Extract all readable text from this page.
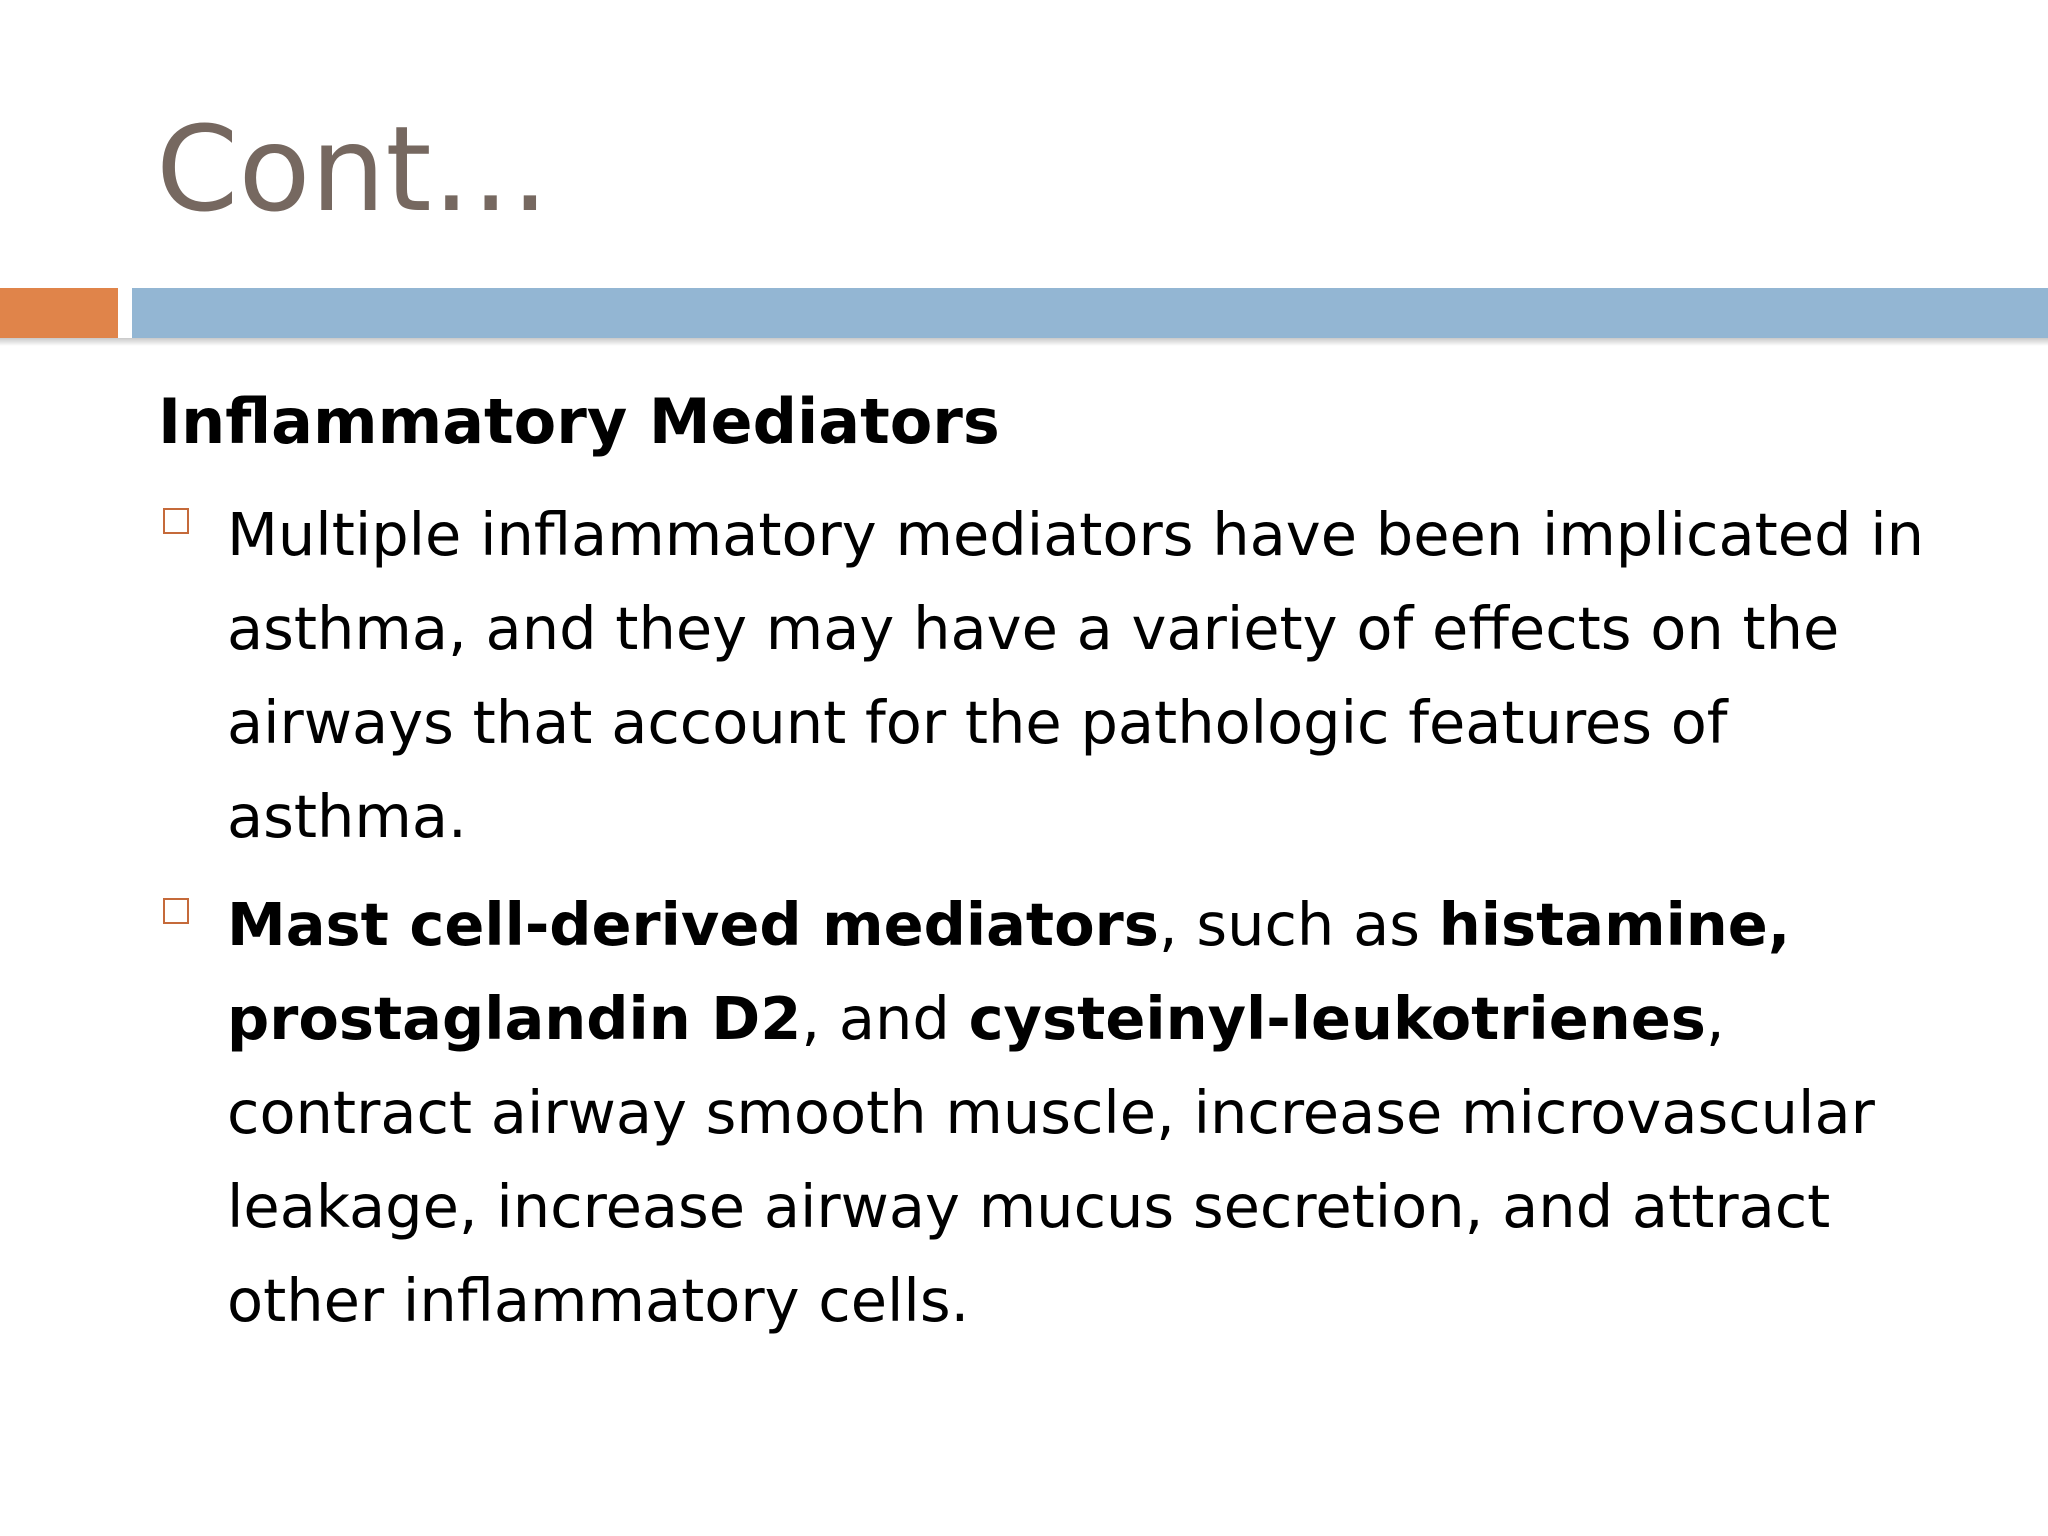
Cont…
Inflammatory Mediators
Multiple inflammatory mediators have been implicated in asthma, and they may have a variety of effects on the airways that account for the pathologic features of asthma.
Mast cell-derived mediators, such as histamine, prostaglandin D2, and cysteinyl-leukotrienes, contract airway smooth muscle, increase microvascular leakage, increase airway mucus secretion, and attract other inflammatory cells.
